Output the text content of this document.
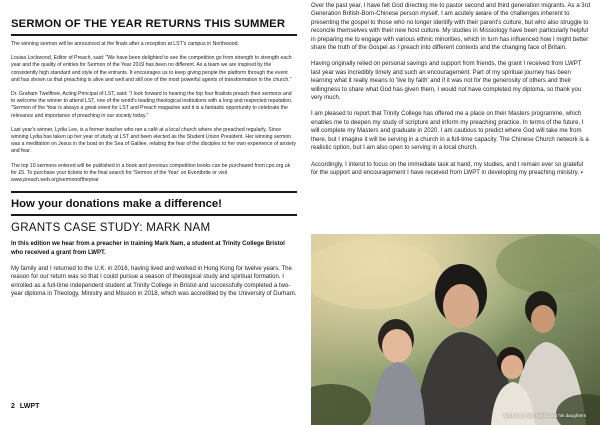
SERMON OF THE YEAR RETURNS THIS SUMMER

The winning sermon will be announced at the finals after a reception at LST's campus in Northwood.

Louisa Lockwood, Editor of Preach, said: "We have been delighted to see the competition go from strength to strength each year and the quality of entries for Sermon of the Year 2019 has been no different. As a team we are inspired by the consistently high standard and style of the entrants. It encourages us to keep giving people the platform through the event and has shown us that preaching is alive and well and still one of the most powerful agents of transformation in the church."

Dr. Graham Twelftree, Acting Principal of LST, said: "I look forward to hearing the top four finalists preach their sermons and to welcome the winner to attend LST, one of the world's leading theological institutions with a long and respected reputation. "Sermon of the Year is always a great event for LST and Preach magazine and it is a fantastic opportunity to celebrate the relevance and importance of preaching in our society today."

Last year's winner, Lydia Lee, is a former teacher who ran a café at a local church where she preached regularly. Since winning Lydia has taken up her year of study at LST and been elected as the Student Union President. Her winning sermon was a meditation on Jesus in the boat on the Sea of Galilee, relating the fear of the disciples to her own experience of anxiety and fear.

The top 10 sermons entered will be published in a book and previous competition books can be purchased from cpo.org.uk for £5. To purchase your tickets to the final search for 'Sermon of the Year' on Eventbrite or visit www.preach.web.org/sermonoftheyear

How your donations make a difference!
GRANTS CASE STUDY: MARK NAM

In this edition we hear from a preacher in training Mark Nam, a student at Trinity College Bristol who received a grant from LWPT.

My family and I returned to the U.K. in 2016, having lived and worked in Hong Kong for twelve years. The reason for our return was so that I could pursue a season of theological study and spiritual formation. I enrolled as a full-time independent student at Trinity College in Bristol and successfully completed a two-year diploma in Theology, Ministry and Mission in 2018, which was accredited by the University of Durham.

Over the past year, I have felt God directing me to pastor second and third generation migrants. As a 3rd Generation British-Born-Chinese person myself, I am acutely aware of the challenges inherent to presenting the gospel to those who no longer identify with their parent's culture, but who also struggle to reconcile themselves with their new host culture. My studies in Missiology have been particularly helpful in preparing me to engage with various ethnic minorities, which in turn has influenced how I might better share the truth of the Gospel as I preach into different contexts and the changing face of Britain.

Having originally relied on personal savings and support from friends, the grant I received from LWPT last year was incredibly timely and such an encouragement. Part of my spiritual journey has been learning what it really means to 'live by faith' and if it was not for the generosity of others and their willingness to share what God has given them, I would not have completed my diploma, so thank you very much.

I am pleased to report that Trinity College has offered me a place on their Masters programme, which enables me to deepen my study of scripture and inform my preaching practice. In terms of the future, I will complete my Masters and graduate in 2020. I am cautious to predict where God will take me from there, but I imagine it will be serving in a church in a full-time capacity. The Chinese Church network is a realistic option, but I am also open to serving in a local church.

Accordingly, I intend to focus on the immediate task at hand, my studies, and I remain ever so grateful for the support and encouragement I have received from LWPT in developing my preaching ministry. ▪

Mark Nam with Kaylin and his daughters
2 LWPT
